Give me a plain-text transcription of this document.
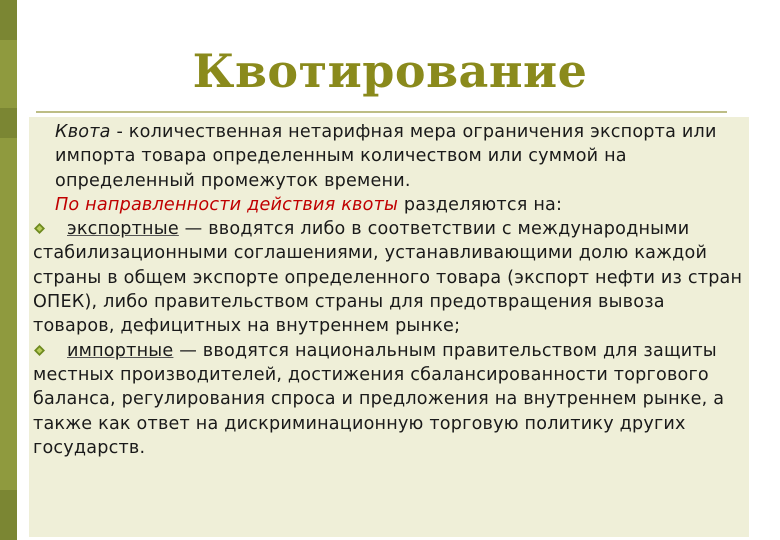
Квотирование

Квота - количественная нетарифная мера ограничения экспорта или импорта товара определенным количеством или суммой на определенный промежуток времени.

По направленности действия квоты разделяются на:

экспортные — вводятся либо в соответствии с международными стабилизационными соглашениями, устанавливающими долю каждой страны в общем экспорте определенного товара (экспорт нефти из стран ОПЕК), либо правительством страны для предотвращения вывоза товаров, дефицитных на внутреннем рынке;

импортные — вводятся национальным правительством для защиты местных производителей, достижения сбалансированности торгового баланса, регулирования спроса и предложения на внутреннем рынке, а также как ответ на дискриминационную торговую политику других государств.
